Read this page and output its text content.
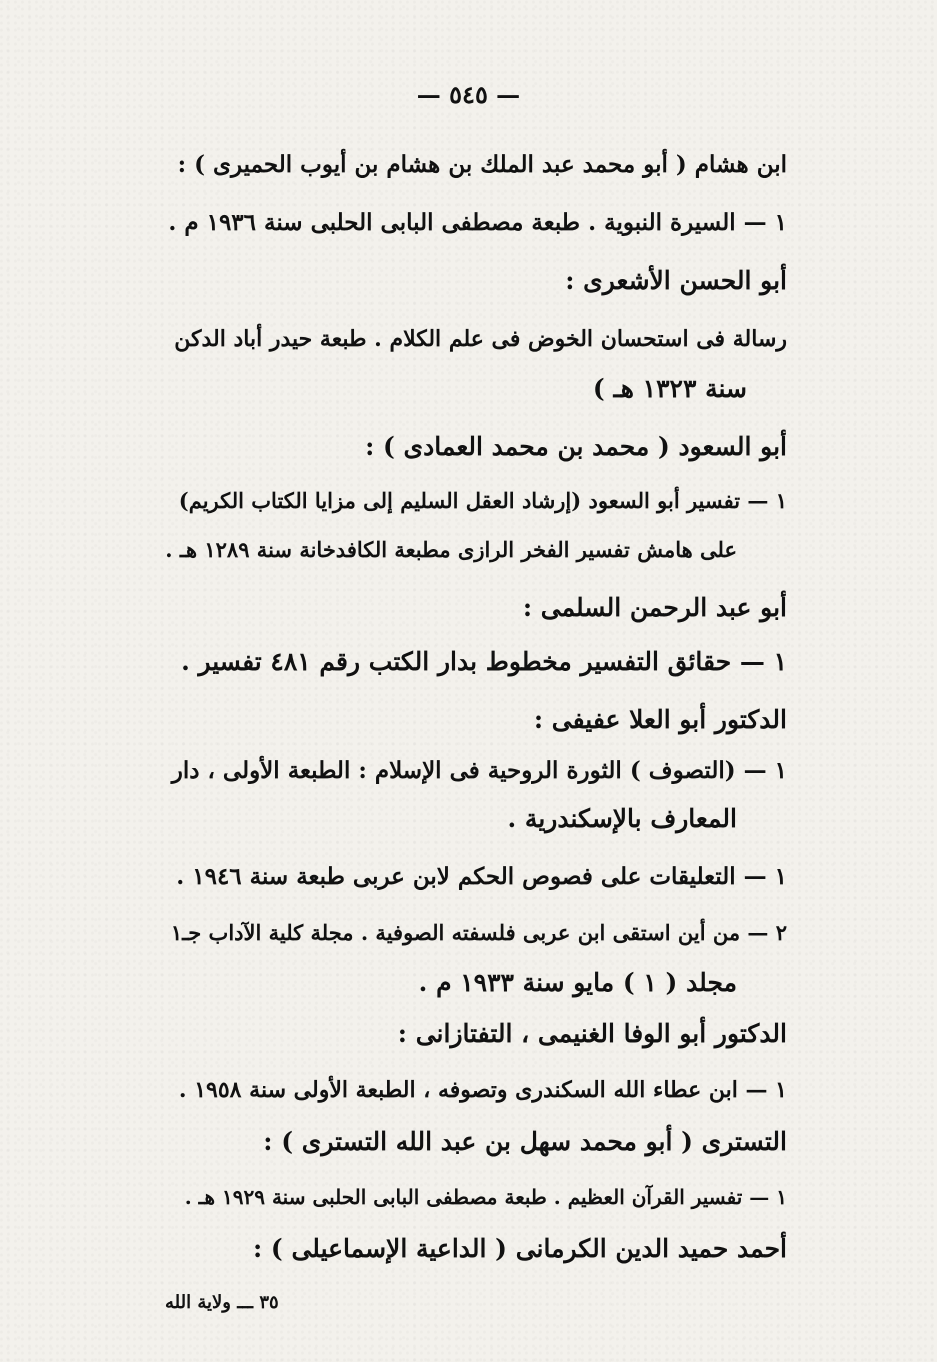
— ٥٤٥ —
ابن هشام ( أبو محمد عبد الملك بن هشام بن أيوب الحميرى ) :
١ — السيرة النبوية . طبعة مصطفى البابى الحلبى سنة ١٩٣٦ م .
أبو الحسن الأشعرى :
رسالة فى استحسان الخوض فى علم الكلام . طبعة حيدر أباد الدكن
سنة ١٣٢٣ هـ )
أبو السعود ( محمد بن محمد العمادى ) :
١ — تفسير أبو السعود (إرشاد العقل السليم إلى مزايا الكتاب الكريم)
على هامش تفسير الفخر الرازى مطبعة الكافدخانة سنة ١٢٨٩ هـ .
أبو عبد الرحمن السلمى :
١ — حقائق التفسير مخطوط بدار الكتب رقم ٤٨١ تفسير .
الدكتور أبو العلا عفيفى :
١ — (التصوف ) الثورة الروحية فى الإسلام : الطبعة الأولى ، دار
المعارف بالإسكندرية .
١ — التعليقات على فصوص الحكم لابن عربى طبعة سنة ١٩٤٦ .
٢ — من أين استقى ابن عربى فلسفته الصوفية . مجلة كلية الآداب جـ١
مجلد ( ١ ) مايو سنة ١٩٣٣ م .
الدكتور أبو الوفا الغنيمى ، التفتازانى :
١ — ابن عطاء الله السكندرى وتصوفه ، الطبعة الأولى سنة ١٩٥٨ .
التسترى ( أبو محمد سهل بن عبد الله التسترى ) :
١ — تفسير القرآن العظيم . طبعة مصطفى البابى الحلبى سنة ١٩٢٩ هـ .
أحمد حميد الدين الكرمانى ( الداعية الإسماعيلى ) :
٣٥ ـــ ولاية الله
